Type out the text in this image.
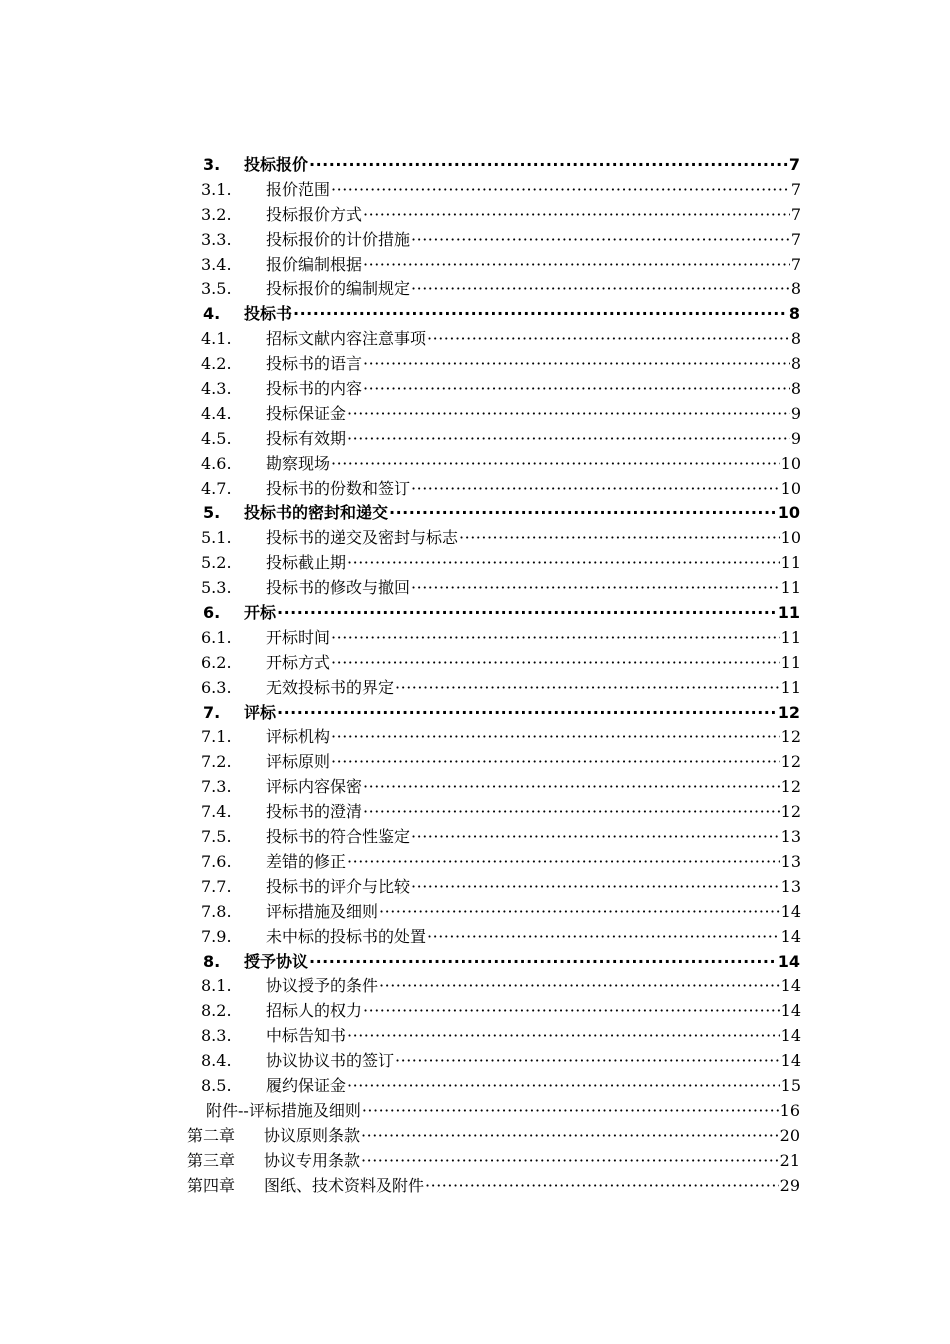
3. 投标报价 ·····	7
3.1. 报价范围 ·····	7
3.2. 投标报价方式 ·····	7
3.3. 投标报价的计价措施 ·····	7
3.4. 报价编制根据 ·····	7
3.5. 投标报价的编制规定 ·····	8
4. 投标书 ·····	8
4.1. 招标文献内容注意事项 ·····	8
4.2. 投标书的语言 ·····	8
4.3. 投标书的内容 ·····	8
4.4. 投标保证金 ·····	9
4.5. 投标有效期 ·····	9
4.6. 勘察现场 ·····	10
4.7. 投标书的份数和签订 ·····	10
5. 投标书的密封和递交 ·····	10
5.1. 投标书的递交及密封与标志 ·····	10
5.2. 投标截止期 ·····	11
5.3. 投标书的修改与撤回 ·····	11
6. 开标 ·····	11
6.1. 开标时间 ·····	11
6.2. 开标方式 ·····	11
6.3. 无效投标书的界定 ·····	11
7. 评标 ·····	12
7.1. 评标机构 ·····	12
7.2. 评标原则 ·····	12
7.3. 评标内容保密 ·····	12
7.4. 投标书的澄清 ·····	12
7.5. 投标书的符合性鉴定 ·····	13
7.6. 差错的修正 ·····	13
7.7. 投标书的评介与比较 ·····	13
7.8. 评标措施及细则 ·····	14
7.9. 未中标的投标书的处置 ·····	14
8. 授予协议 ·····	14
8.1. 协议授予的条件 ·····	14
8.2. 招标人的权力 ·····	14
8.3. 中标告知书 ·····	14
8.4. 协议协议书的签订 ·····	14
8.5. 履约保证金 ·····	15
附件--评标措施及细则 ·····	16
第二章 协议原则条款 ·····	20
第三章 协议专用条款 ·····	21
第四章 图纸、技术资料及附件 ·····	29
